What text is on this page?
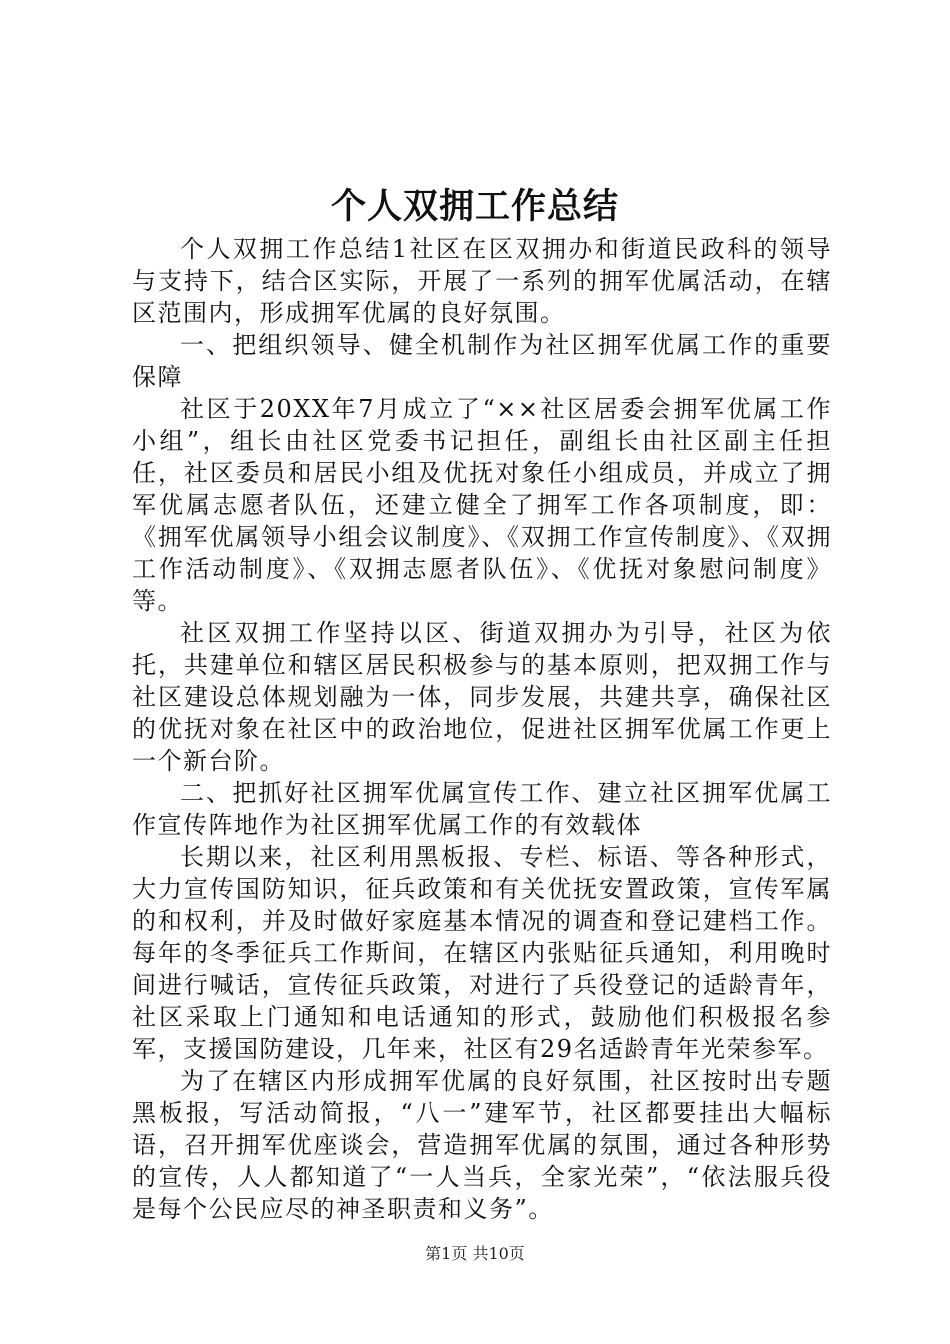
个人双拥工作总结

个人双拥工作总结1社区在区双拥办和街道民政科的领导与支持下，结合区实际，开展了一系列的拥军优属活动，在辖区范围内，形成拥军优属的良好氛围。

一、把组织领导、健全机制作为社区拥军优属工作的重要保障

社区于20XX年7月成立了“××社区居委会拥军优属工作小组”，组长由社区党委书记担任，副组长由社区副主任担任，社区委员和居民小组及优抚对象任小组成员，并成立了拥军优属志愿者队伍，还建立健全了拥军工作各项制度，即：《拥军优属领导小组会议制度》、《双拥工作宣传制度》、《双拥工作活动制度》、《双拥志愿者队伍》、《优抚对象慰问制度》等。

社区双拥工作坚持以区、街道双拥办为引导，社区为依托，共建单位和辖区居民积极参与的基本原则，把双拥工作与社区建设总体规划融为一体，同步发展，共建共享，确保社区的优抚对象在社区中的政治地位，促进社区拥军优属工作更上一个新台阶。

二、把抓好社区拥军优属宣传工作、建立社区拥军优属工作宣传阵地作为社区拥军优属工作的有效载体

长期以来，社区利用黑板报、专栏、标语、等各种形式，大力宣传国防知识，征兵政策和有关优抚安置政策，宣传军属的和权利，并及时做好家庭基本情况的调查和登记建档工作。每年的冬季征兵工作斯间，在辖区内张贴征兵通知，利用晚时间进行喊话，宣传征兵政策，对进行了兵役登记的适龄青年，社区采取上门通知和电话通知的形式，鼓励他们积极报名参军，支援国防建设，几年来，社区有29名适龄青年光荣参军。

为了在辖区内形成拥军优属的良好氛围，社区按时出专题黑板报，写活动简报，“八一”建军节，社区都要挂出大幅标语，召开拥军优座谈会，营造拥军优属的氛围，通过各种形势的宣传，人人都知道了“一人当兵，全家光荣”，“依法服兵役是每个公民应尽的神圣职责和义务”。

第1页 共10页
